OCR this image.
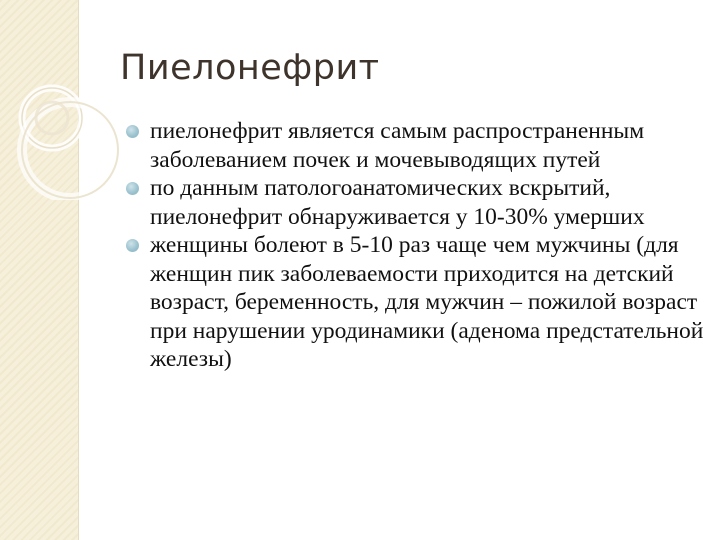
Пиелонефрит
пиелонефрит является самым распространенным заболеванием почек и мочевыводящих путей
по данным патологоанатомических вскрытий, пиелонефрит обнаруживается у 10-30% умерших
женщины болеют в 5-10 раз чаще чем мужчины (для женщин пик заболеваемости приходится на детский возраст, беременность, для мужчин – пожилой возраст при нарушении уродинамики (аденома предстательной железы)
